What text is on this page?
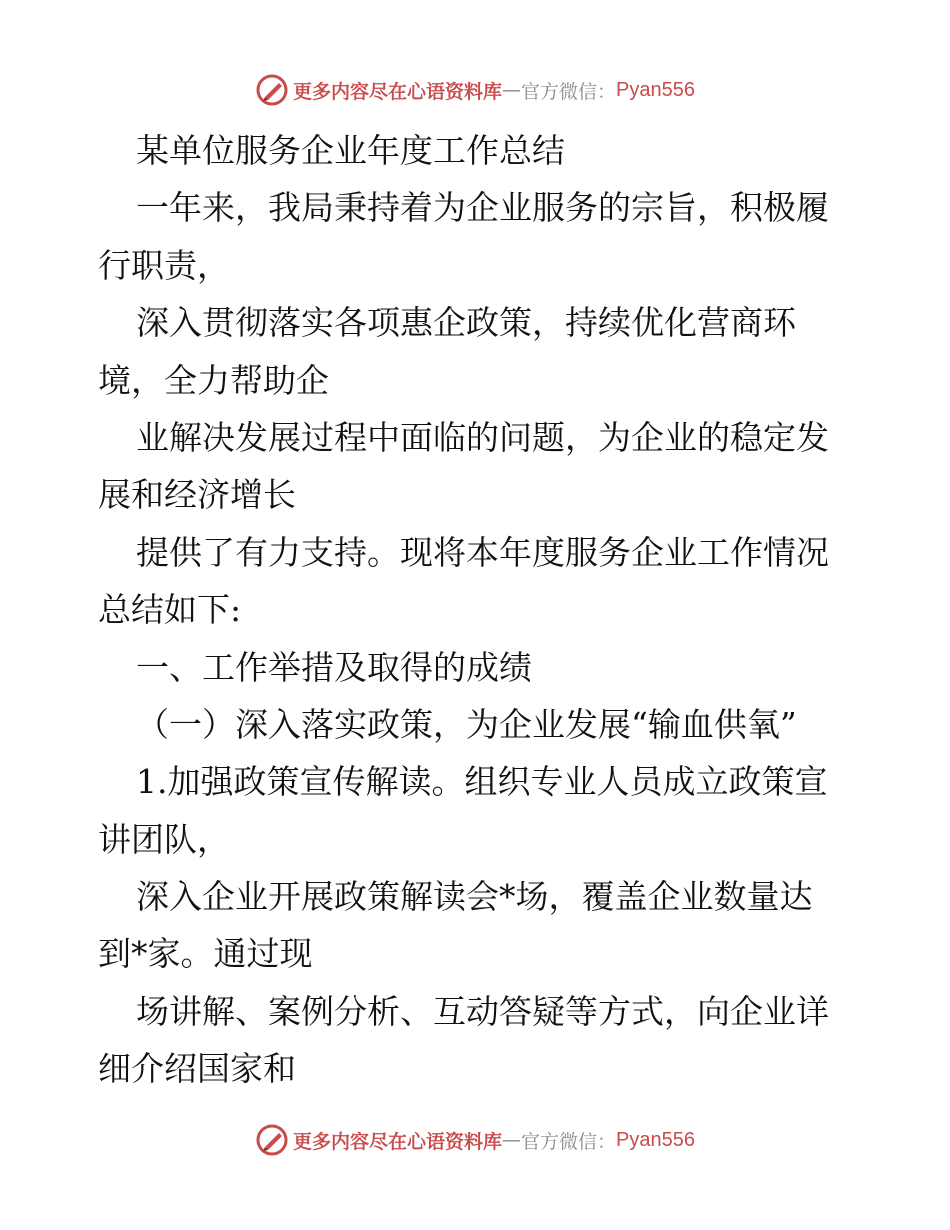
更多内容尽在心语资料库 — 官方微信： Pyan556
某单位服务企业年度工作总结
一年来，我局秉持着为企业服务的宗旨，积极履
行职责，
深入贯彻落实各项惠企政策，持续优化营商环
境，全力帮助企
业解决发展过程中面临的问题，为企业的稳定发
展和经济增长
提供了有力支持。现将本年度服务企业工作情况
总结如下:
一、工作举措及取得的成绩
（一）深入落实政策，为企业发展“输血供氧”
1.加强政策宣传解读。组织专业人员成立政策宣
讲团队，
深入企业开展政策解读会*场，覆盖企业数量达
到*家。通过现
场讲解、案例分析、互动答疑等方式，向企业详
细介绍国家和
更多内容尽在心语资料库 — 官方微信： Pyan556
